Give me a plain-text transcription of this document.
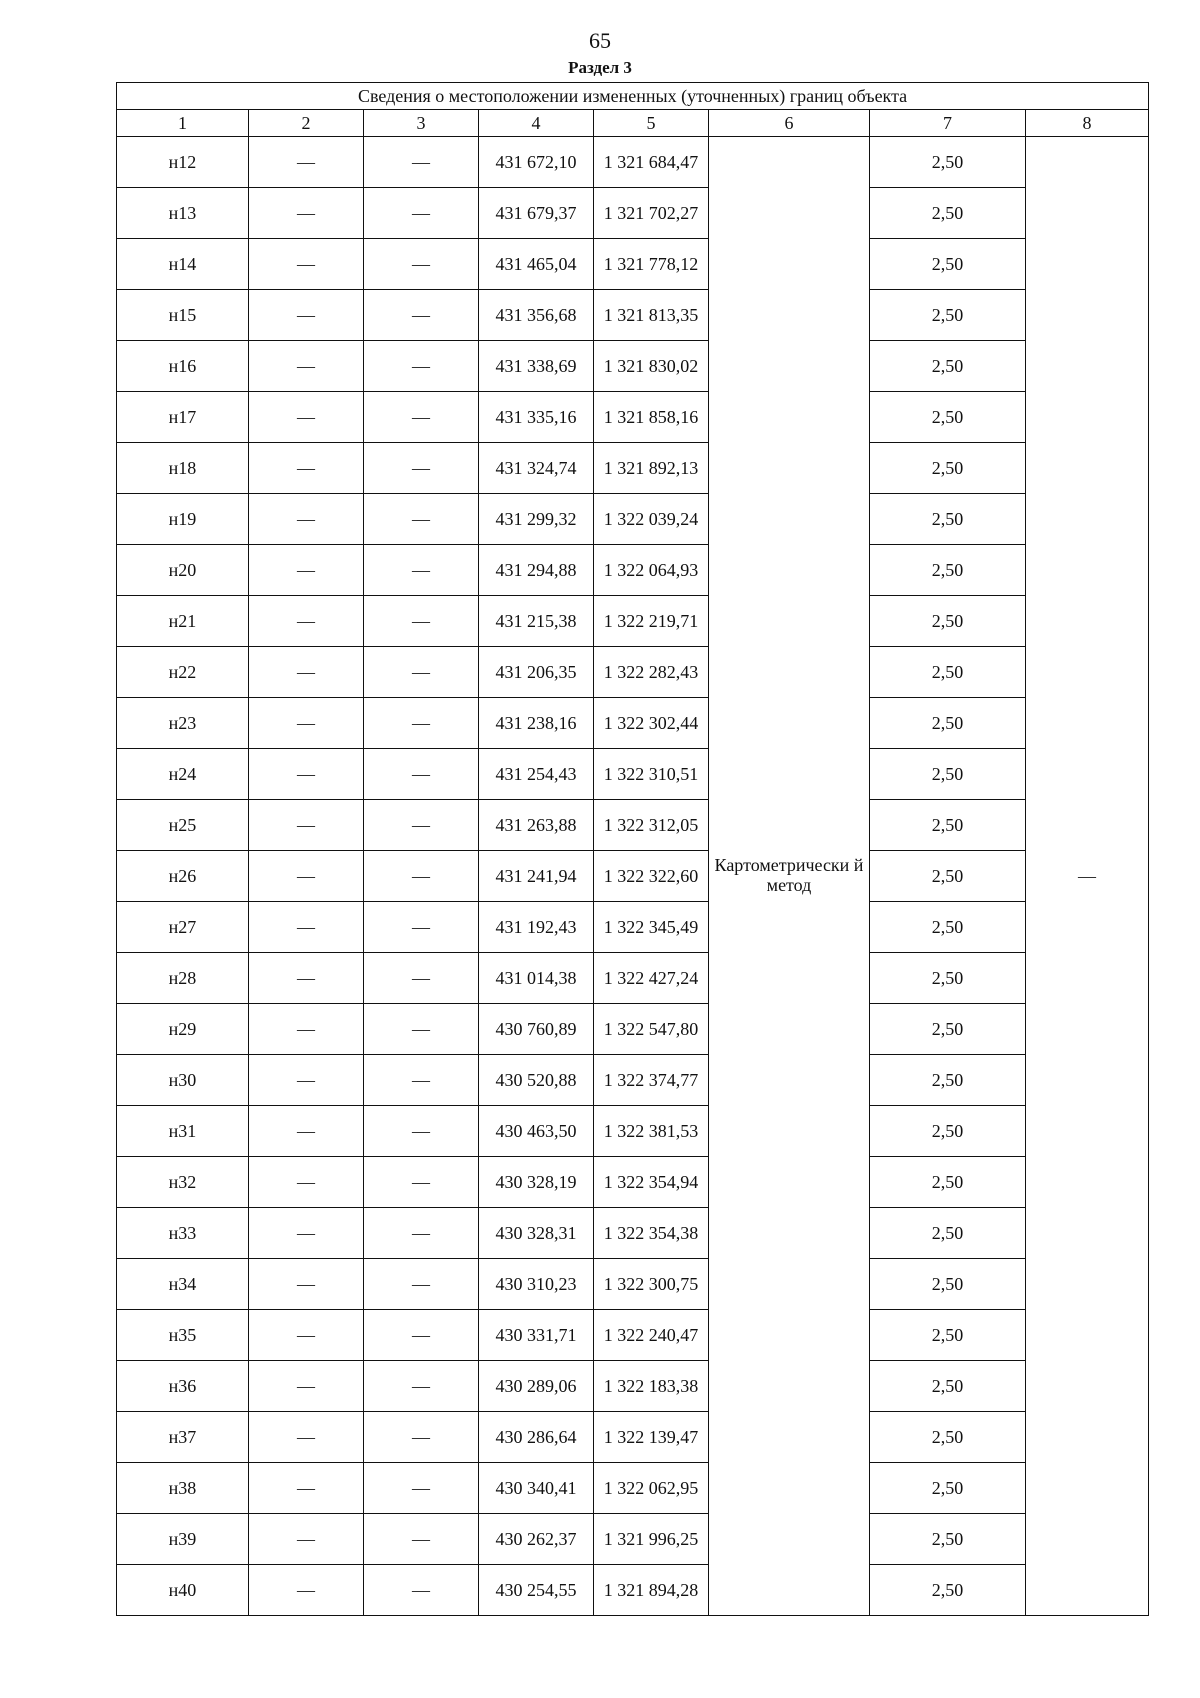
65
Раздел 3
Сведения о местоположении измененных (уточненных) границ объекта							
1	2	3	4	5	6	7	8
н12	—	—	431 672,10	1 321 684,47	Картометрически й метод	2,50	—
н13	—	—	431 679,37	1 321 702,27		2,50	
н14	—	—	431 465,04	1 321 778,12		2,50	
н15	—	—	431 356,68	1 321 813,35		2,50	
н16	—	—	431 338,69	1 321 830,02		2,50	
н17	—	—	431 335,16	1 321 858,16		2,50	
н18	—	—	431 324,74	1 321 892,13		2,50	
н19	—	—	431 299,32	1 322 039,24		2,50	
н20	—	—	431 294,88	1 322 064,93		2,50	
н21	—	—	431 215,38	1 322 219,71		2,50	
н22	—	—	431 206,35	1 322 282,43		2,50	
н23	—	—	431 238,16	1 322 302,44		2,50	
н24	—	—	431 254,43	1 322 310,51		2,50	
н25	—	—	431 263,88	1 322 312,05		2,50	
н26	—	—	431 241,94	1 322 322,60		2,50	
н27	—	—	431 192,43	1 322 345,49		2,50	
н28	—	—	431 014,38	1 322 427,24		2,50	
н29	—	—	430 760,89	1 322 547,80		2,50	
н30	—	—	430 520,88	1 322 374,77		2,50	
н31	—	—	430 463,50	1 322 381,53		2,50	
н32	—	—	430 328,19	1 322 354,94		2,50	
н33	—	—	430 328,31	1 322 354,38		2,50	
н34	—	—	430 310,23	1 322 300,75		2,50	
н35	—	—	430 331,71	1 322 240,47		2,50	
н36	—	—	430 289,06	1 322 183,38		2,50	
н37	—	—	430 286,64	1 322 139,47		2,50	
н38	—	—	430 340,41	1 322 062,95		2,50	
н39	—	—	430 262,37	1 321 996,25		2,50	
н40	—	—	430 254,55	1 321 894,28		2,50	
